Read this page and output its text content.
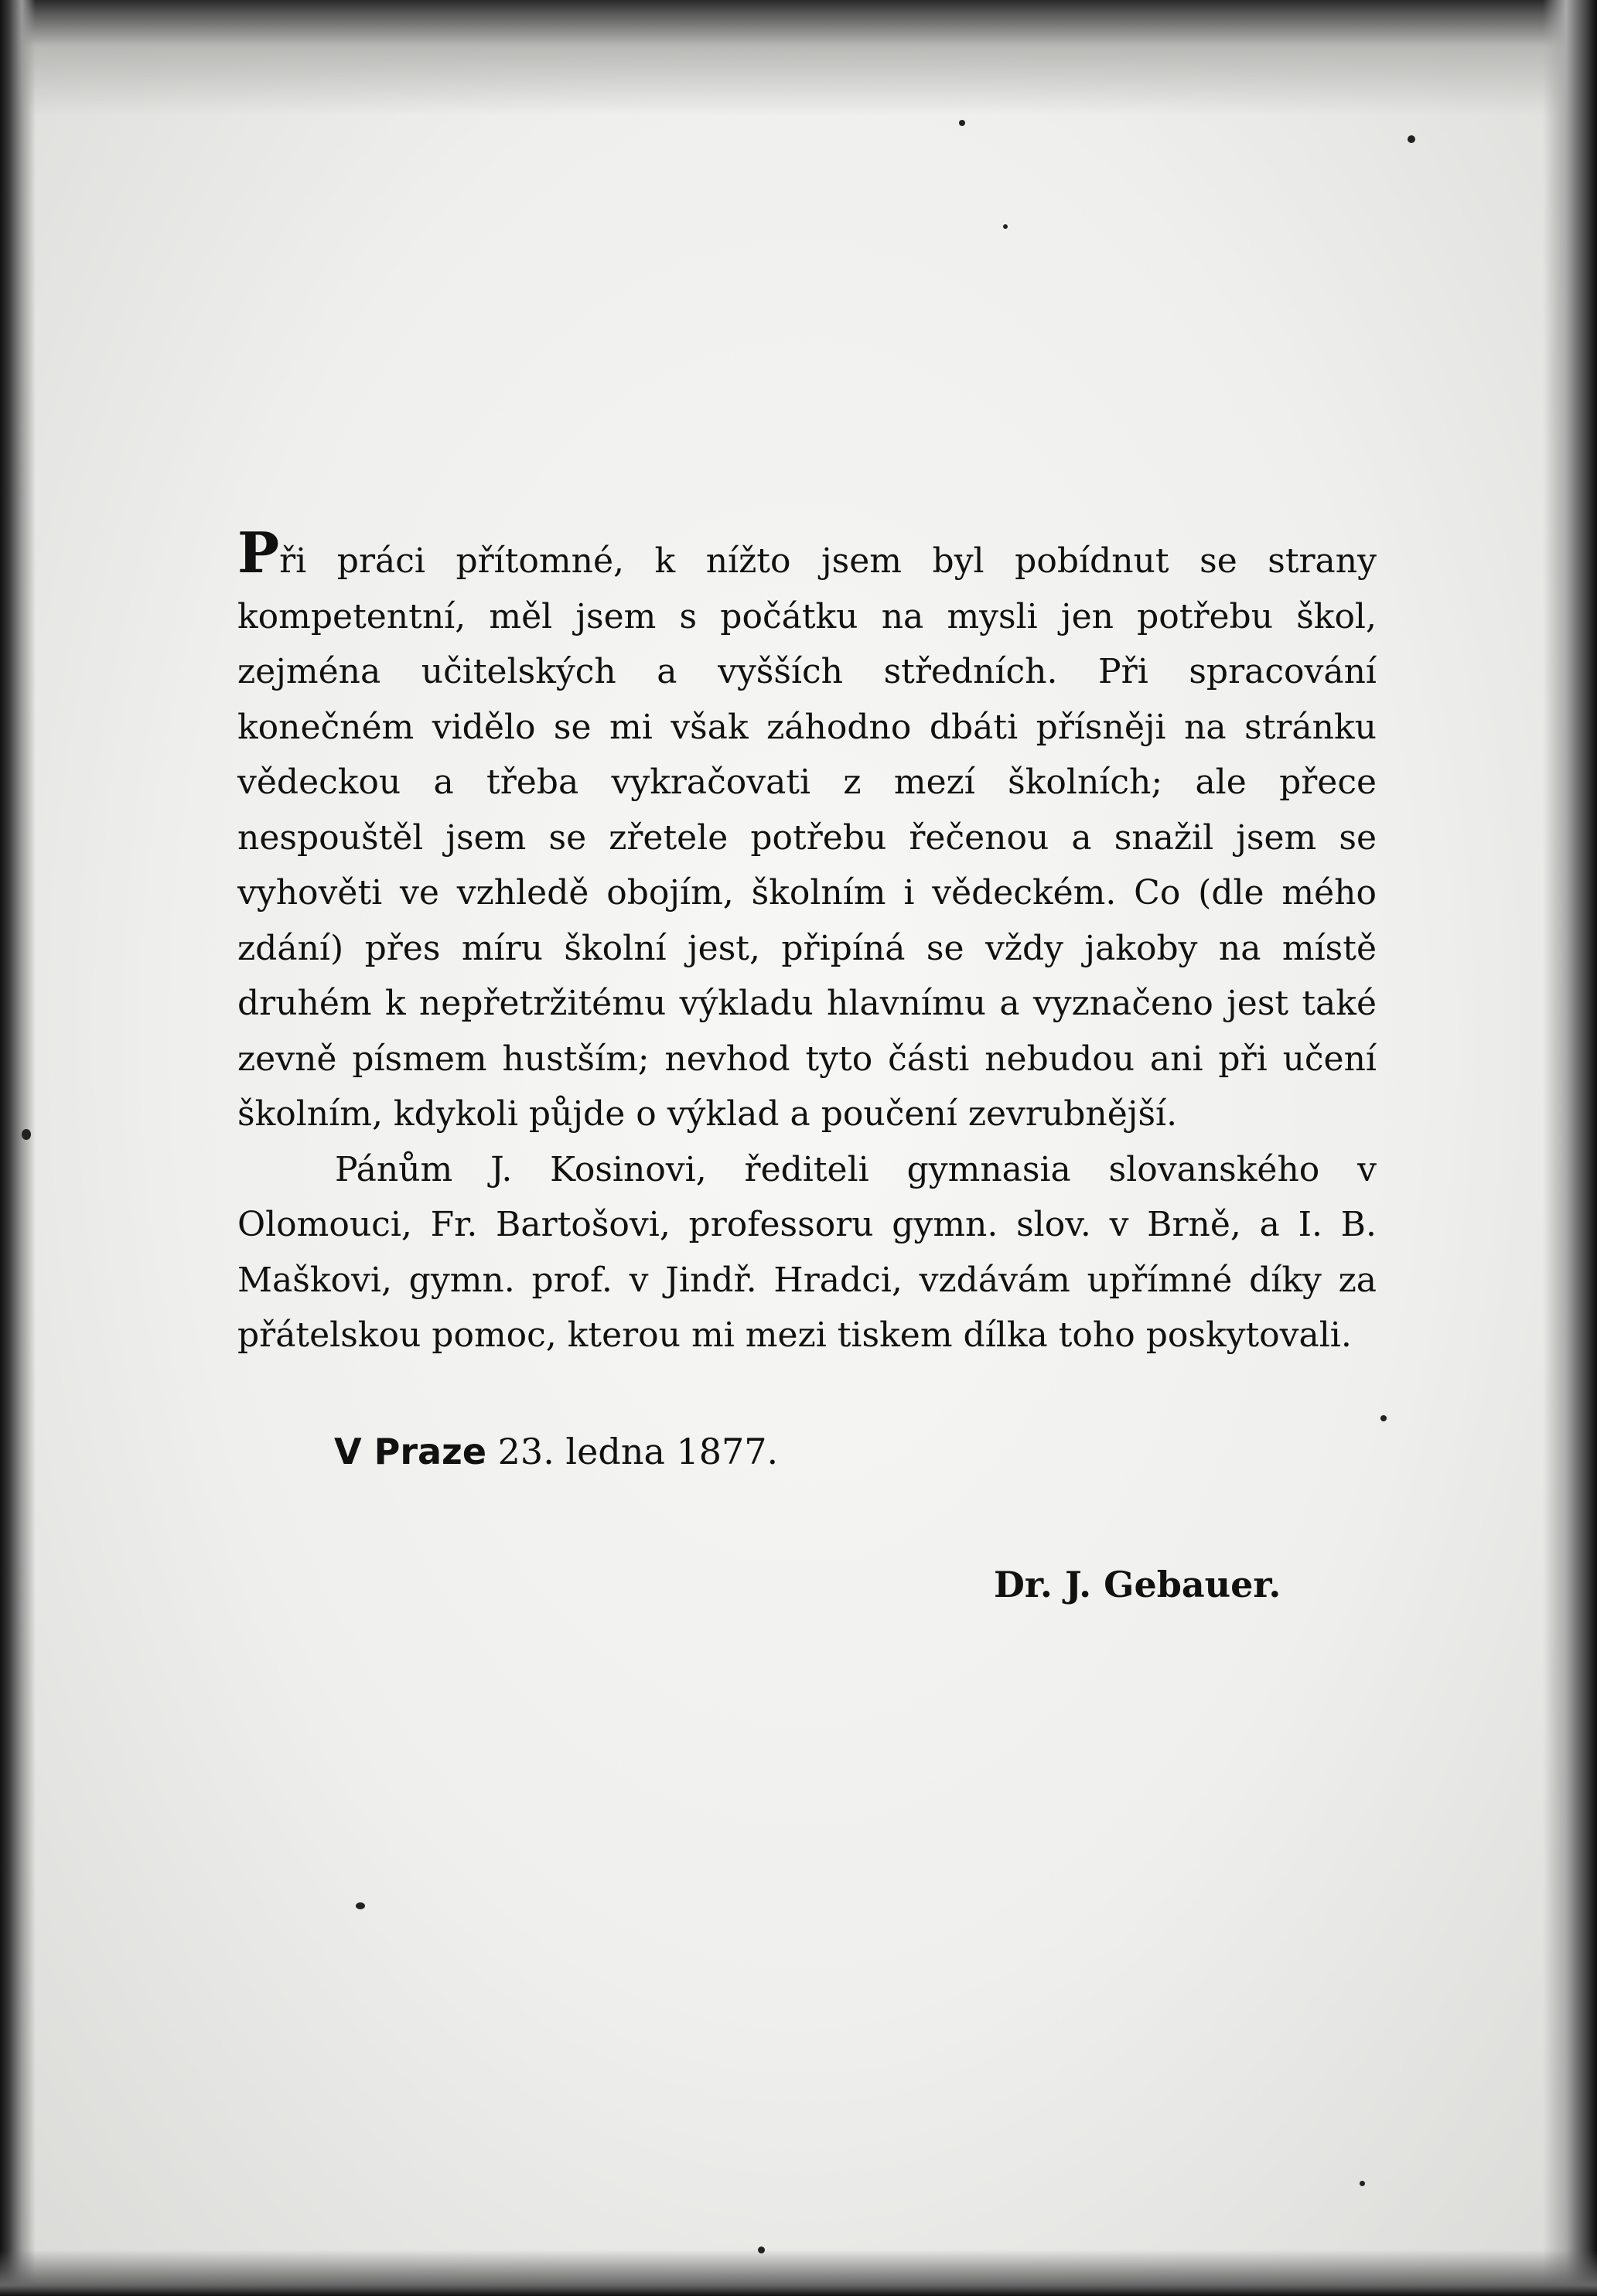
Při práci přítomné, k nížto jsem byl pobídnut se strany kompetentní, měl jsem s počátku na mysli jen potřebu škol, zejména učitelských a vyšších středních. Při spracování konečném vidělo se mi však záhodno dbáti přísněji na stránku vědeckou a třeba vykračovati z mezí školních; ale přece nespouštěl jsem se zřetele potřebu řečenou a snažil jsem se vyhověti ve vzhledě obojím, školním i vědeckém. Co (dle mého zdání) přes míru školní jest, připíná se vždy jakoby na místě druhém k nepřetržitému výkladu hlavnímu a vyznačeno jest také zevně písmem hustším; nevhod tyto části nebudou ani při učení školním, kdykoli půjde o výklad a poučení zevrubnější.

Pánům J. Kosinovi, řediteli gymnasia slovanského v Olomouci, Fr. Bartošovi, professoru gymn. slov. v Brně, a I. B. Maškovi, gymn. prof. v Jindř. Hradci, vzdávám upřímné díky za přátelskou pomoc, kterou mi mezi tiskem dílka toho poskytovali.

V Praze 23. ledna 1877.
Dr. J. Gebauer.
